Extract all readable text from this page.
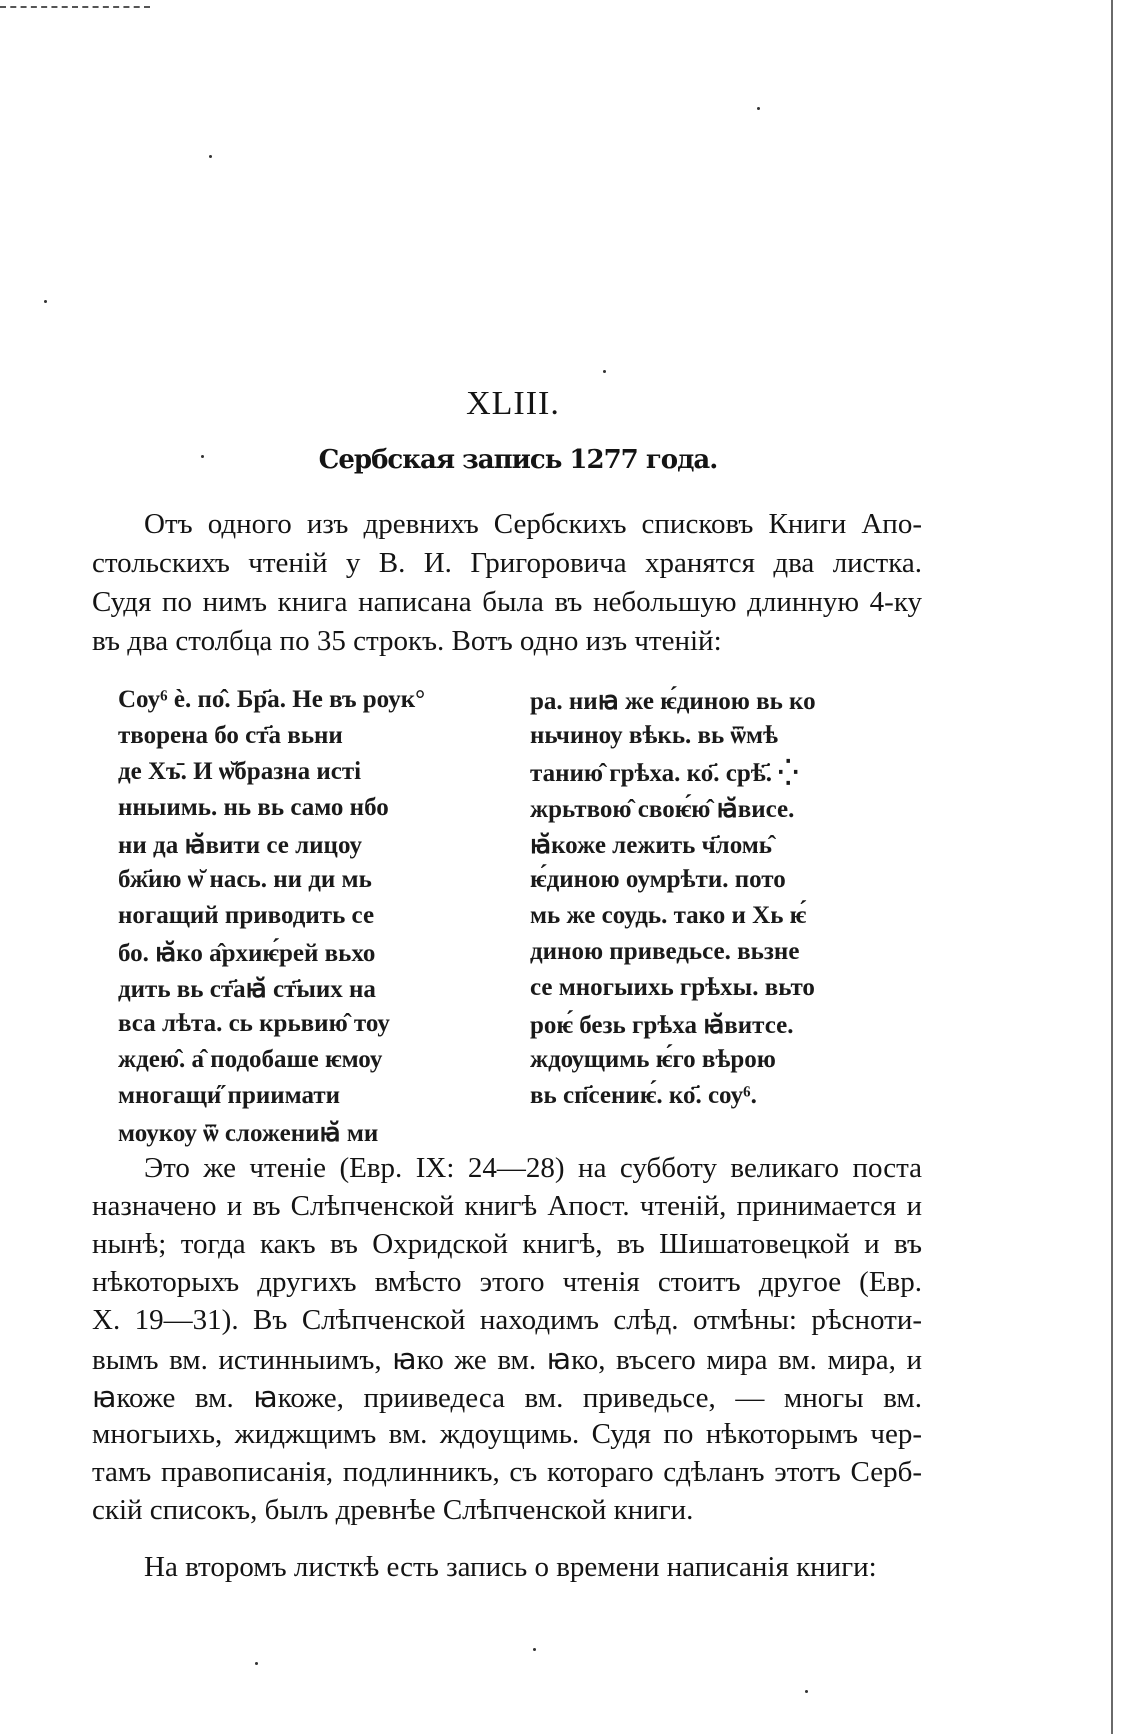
XLIII.
Сербская запись 1277 года.
Отъ одного изъ древнихъ Сербскихъ списковъ Книги Апо-
стольскихъ чтеній у В. И. Григоровича хранятся два листка.
Судя по нимъ книга написана была въ небольшую длинную 4-ку
въ два столбца по 35 строкъ. Вотъ одно изъ чтеній:
Соу⁶ ѐ. по̂. Бр҃а. Не въ роук°
творена бо ст҃а вьни
де Хъ̄. И ѡ̆бразна исті
нныимь. нь вь само нбо
ни да ꙗ̆вити се лицоу
бж҃ию ѡ̆ нась. ни ди мь
ногащий приводить се
бо. ꙗ̆ко а̂рхиѥ́рей вьхо
дить вь ст҃аꙗ̆ ст҃ыих на
вса лѣта. сь крьвию̂ тоу
ждею̂. а̂ подобаше ѥмоу
многащи̋ приимати
моукоу ѿ сложениꙗ̆ ми
ра. ниꙗ же ѥ́диною вь ко
ньчиноу вѣкь. вь ѿмѣ
танию̂ грѣха. ко҃. срѣ҃. ⁛
жрьтвою̂ своѥ́ю̂ ꙗ̆висе.
ꙗ̆коже лежить ч҃ломь̂
ѥ́диною оумрѣти. пото
мь же соудь. тако и Хь ѥ́
диною приведьсе. вьзне
се многыихь грѣхы. вьто
роѥ́ безь грѣха ꙗ̆витсе.
ждѹщимь ѥ́го вѣрою
вь сп҃сениѥ́. ко҃. соу⁶.
Это же чтеніе (Евр. IX: 24—28) на субботу великаго поста
назначено и въ Слѣпченской книгѣ Апост. чтеній, принимается и
нынѣ; тогда какъ въ Охридской книгѣ, въ Шишатовецкой и въ
нѣкоторыхъ другихъ вмѣсто этого чтенія стоитъ другое (Евр.
X. 19—31). Въ Слѣпченской находимъ слѣд. отмѣны: рѣсноти-
вымъ вм. истинныимъ, ꙗко же вм. ꙗко, въсего мира вм. мира, и
ꙗкоже вм. ꙗкоже, прииведеса вм. приведьсе, — многы вм.
многыихь, жиджщимъ вм. ждоущимь. Судя по нѣкоторымъ чер-
тамъ правописанія, подлинникъ, съ котораго сдѣланъ этотъ Серб-
скій списокъ, былъ древнѣе Слѣпченской книги.
На второмъ листкѣ есть запись о времени написанія книги:
